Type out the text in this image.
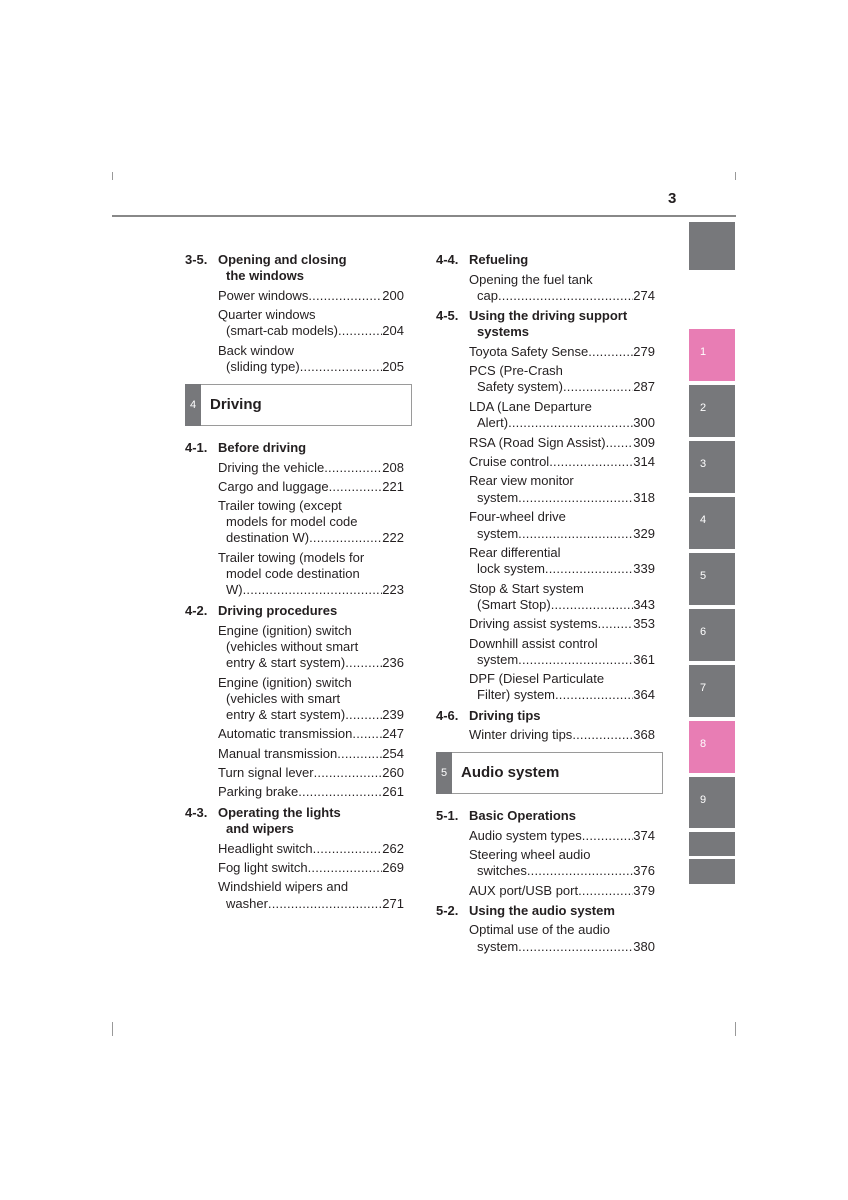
3
3-5. Opening and closing
the windows
Power windows .....	200
Quarter windows
(smart-cab models) .....	204
Back window
(sliding type) .....	205
4 Driving
4-1. Before driving
Driving the vehicle .....	208
Cargo and luggage .....	221
Trailer towing (except
models for model code
destination W) .....	222
Trailer towing (models for
model code destination
W) .....	223
4-2. Driving procedures
Engine (ignition) switch
(vehicles without smart
entry & start system) .....	236
Engine (ignition) switch
(vehicles with smart
entry & start system) .....	239
Automatic transmission ..... 247
Manual transmission .....	254
Turn signal lever .....	260
Parking brake .....	261
4-3. Operating the lights
and wipers
Headlight switch .....	262
Fog light switch .....	269
Windshield wipers and
washer .....	271
4-4. Refueling
Opening the fuel tank
cap .....	274
4-5. Using the driving support
systems
Toyota Safety Sense .....	279
PCS (Pre-Crash
Safety system) .....	287
LDA (Lane Departure
Alert) .....	300
RSA (Road Sign Assist) ..... 309
Cruise control .....	314
Rear view monitor
system .....	318
Four-wheel drive
system .....	329
Rear differential
lock system .....	339
Stop & Start system
(Smart Stop) .....	343
Driving assist systems .....	353
Downhill assist control
system .....	361
DPF (Diesel Particulate
Filter) system .....	364
4-6. Driving tips
Winter driving tips .....	368
5 Audio system
5-1. Basic Operations
Audio system types .....	374
Steering wheel audio
switches .....	376
AUX port/USB port .....	379
5-2. Using the audio system
Optimal use of the audio
system .....	380
1
2
3
4
5
6
7
8
9
